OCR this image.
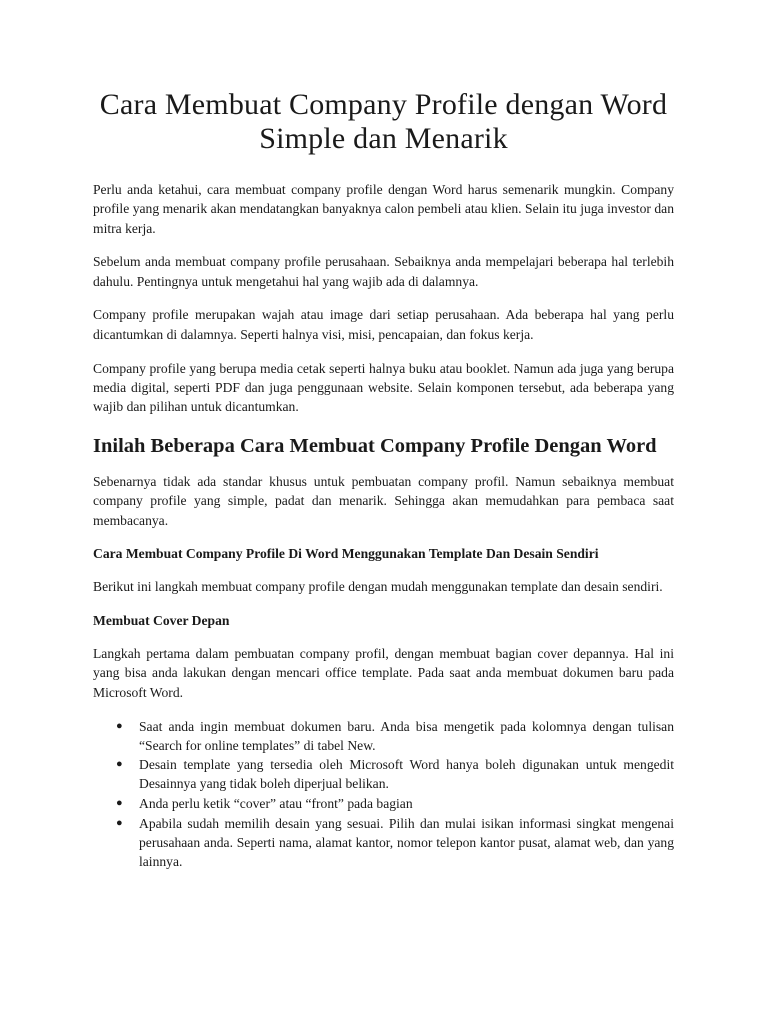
Cara Membuat Company Profile dengan Word Simple dan Menarik

Perlu anda ketahui, cara membuat company profile dengan Word harus semenarik mungkin. Company profile yang menarik akan mendatangkan banyaknya calon pembeli atau klien. Selain itu juga investor dan mitra kerja.

Sebelum anda membuat company profile perusahaan. Sebaiknya anda mempelajari beberapa hal terlebih dahulu. Pentingnya untuk mengetahui hal yang wajib ada di dalamnya.

Company profile merupakan wajah atau image dari setiap perusahaan. Ada beberapa hal yang perlu dicantumkan di dalamnya. Seperti halnya visi, misi, pencapaian, dan fokus kerja.

Company profile yang berupa media cetak seperti halnya buku atau booklet. Namun ada juga yang berupa media digital, seperti PDF dan juga penggunaan website. Selain komponen tersebut, ada beberapa yang wajib dan pilihan untuk dicantumkan.

Inilah Beberapa Cara Membuat Company Profile Dengan Word

Sebenarnya tidak ada standar khusus untuk pembuatan company profil. Namun sebaiknya membuat company profile yang simple, padat dan menarik. Sehingga akan memudahkan para pembaca saat membacanya.

Cara Membuat Company Profile Di Word Menggunakan Template Dan Desain Sendiri

Berikut ini langkah membuat company profile dengan mudah menggunakan template dan desain sendiri.

Membuat Cover Depan

Langkah pertama dalam pembuatan company profil, dengan membuat bagian cover depannya. Hal ini yang bisa anda lakukan dengan mencari office template. Pada saat anda membuat dokumen baru pada Microsoft Word.

● Saat anda ingin membuat dokumen baru. Anda bisa mengetik pada kolomnya dengan tulisan “Search for online templates” di tabel New.
● Desain template yang tersedia oleh Microsoft Word hanya boleh digunakan untuk mengedit Desainnya yang tidak boleh diperjual belikan.
● Anda perlu ketik “cover” atau “front” pada bagian
● Apabila sudah memilih desain yang sesuai. Pilih dan mulai isikan informasi singkat mengenai perusahaan anda. Seperti nama, alamat kantor, nomor telepon kantor pusat, alamat web, dan yang lainnya.
